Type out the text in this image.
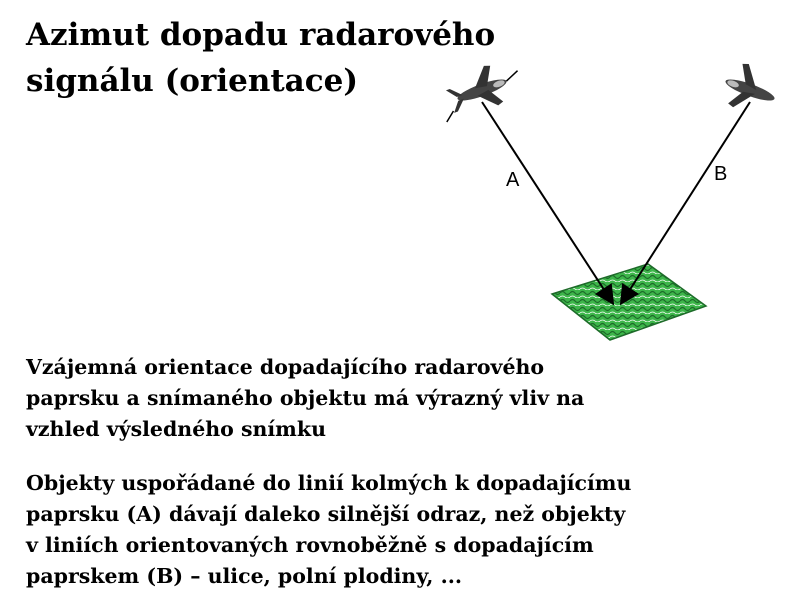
Azimut dopadu radarového
signálu (orientace)
A	B
Vzájemná orientace dopadajícího radarového
paprsku a snímaného objektu má výrazný vliv na
vzhled výsledného snímku
Objekty uspořádané do linií kolmých k dopadajícímu
paprsku (A) dávají daleko silnější odraz, než objekty
v liniích orientovaných rovnoběžně s dopadajícím
paprskem (B) – ulice, polní plodiny, ...
